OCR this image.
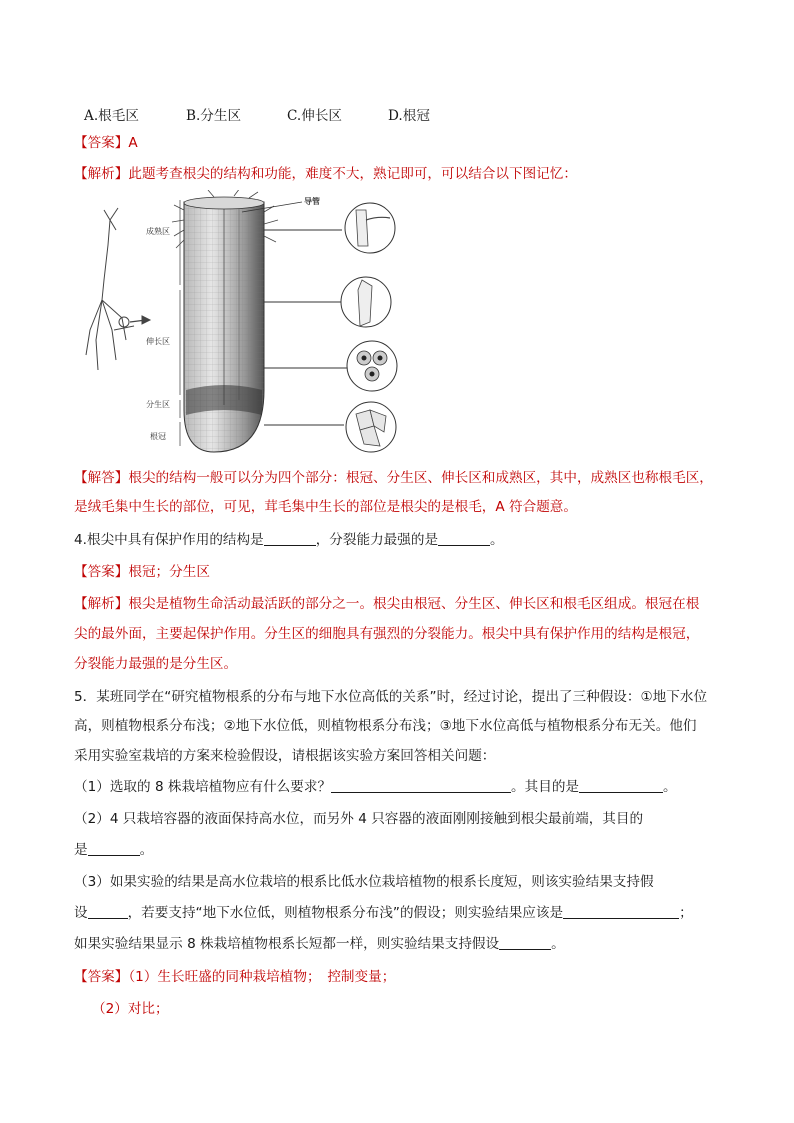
A.根毛区	B.分生区	C.伸长区	D.根冠
【答案】A
【解析】此题考查根尖的结构和功能，难度不大，熟记即可，可以结合以下图记忆：
成熟区
伸长区
分生区
根冠
导管
【解答】根尖的结构一般可以分为四个部分：根冠、分生区、伸长区和成熟区，其中，成熟区也称根毛区，
是绒毛集中生长的部位，可见，茸毛集中生长的部位是根尖的是根毛，A 符合题意。
4.根尖中具有保护作用的结构是	，分裂能力最强的是	。
【答案】根冠；分生区
【解析】根尖是植物生命活动最活跃的部分之一。根尖由根冠、分生区、伸长区和根毛区组成。根冠在根
尖的最外面，主要起保护作用。分生区的细胞具有强烈的分裂能力。根尖中具有保护作用的结构是根冠，
分裂能力最强的是分生区。
5．某班同学在“研究植物根系的分布与地下水位高低的关系”时，经过讨论，提出了三种假设：①地下水位
高，则植物根系分布浅；②地下水位低，则植物根系分布浅；③地下水位高低与植物根系分布无关。他们
采用实验室栽培的方案来检验假设，请根据该实验方案回答相关问题：
（1）选取的 8 株栽培植物应有什么要求？	。其目的是	。
（2）4 只栽培容器的液面保持高水位，而另外 4 只容器的液面刚刚接触到根尖最前端，其目的
是	。
（3）如果实验的结果是高水位栽培的根系比低水位栽培植物的根系长度短，则该实验结果支持假
设	，若要支持“地下水位低，则植物根系分布浅”的假设；则实验结果应该是	；
如果实验结果显示 8 株栽培植物根系长短都一样，则实验结果支持假设	。
【答案】（1）生长旺盛的同种栽培植物；　控制变量；
（2）对比；
